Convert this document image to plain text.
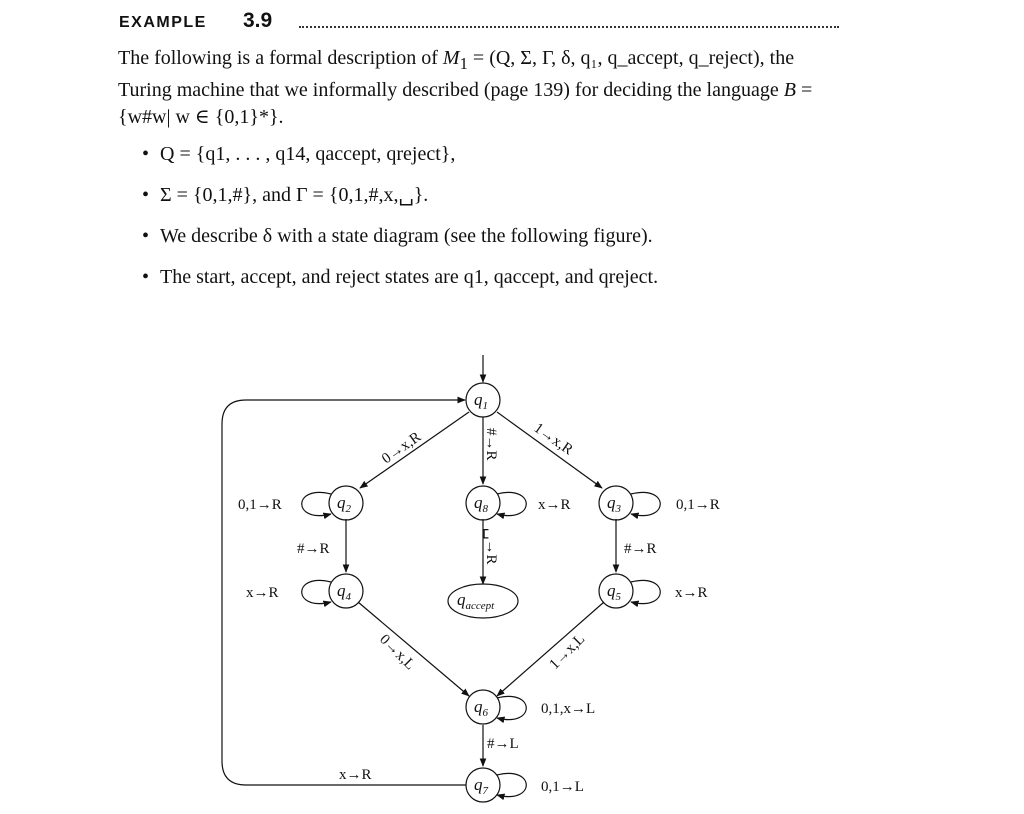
EXAMPLE 3.9

The following is a formal description of $M_1 = (Q$, Σ, Γ, δ, q₁, q_accept, q_reject), the Turing machine that we informally described (page 139) for deciding the language B = {w#w| w ∈ {0,1}*}.

• Q = {q1, . . . , q14, qaccept, qreject},
• Σ = {0,1,#}, and Γ = {0,1,#,x,␣}.
• We describe δ with a state diagram (see the following figure).
• The start, accept, and reject states are q1, qaccept, and qreject.
$q_1$
$q_2$	$q_8$	$q_3$
$q_4$	$q_5$
$q_6$
$q_7$
$q_{accept}$
0→x,R	#→R 1→x,R
0,1→R
#→R
x→R	0,1→R
#→R
␣→R
x→R	x→R
0→x,L	1→x,L
0,1,x→L
#→L
0,1→L
x→R
